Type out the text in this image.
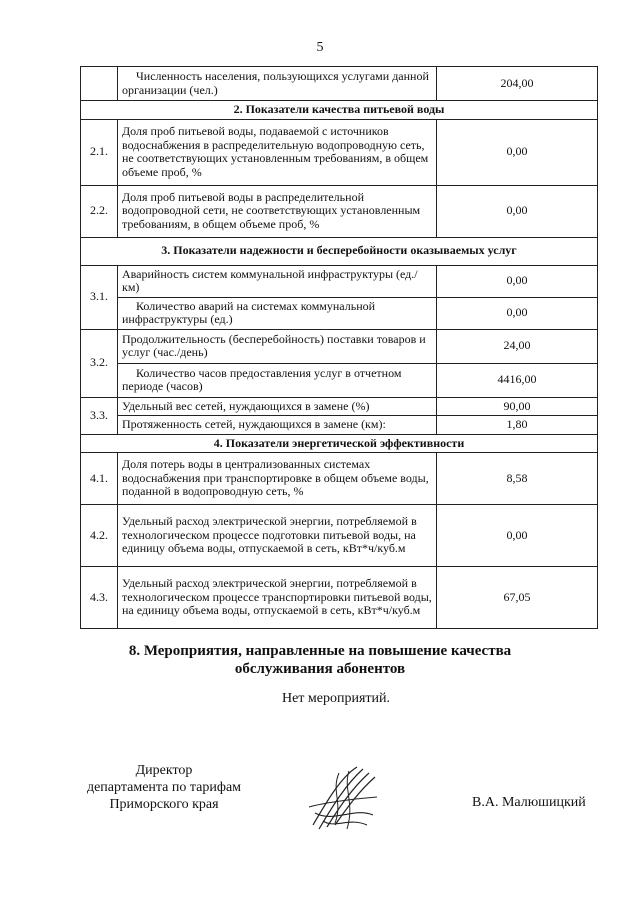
5
	Численность населения, пользующихся услугами данной организации (чел.)	204,00
2. Показатели качества питьевой воды		
2.1.	Доля проб питьевой воды, подаваемой с источников водоснабжения в распределительную водопроводную сеть, не соответствующих установленным требованиям, в общем объеме проб, %	0,00
2.2.	Доля проб питьевой воды в распределительной водопроводной сети, не соответствующих установленным требованиям, в общем объеме проб, %	0,00
3. Показатели надежности и бесперебойности оказываемых услуг		
3.1.	Аварийность систем коммунальной инфраструктуры (ед./км)	0,00
	Количество аварий на системах коммунальной инфраструктуры (ед.)	0,00
3.2.	Продолжительность (бесперебойность) поставки товаров и услуг (час./день)	24,00
	Количество часов предоставления услуг в отчетном периоде (часов)	4416,00
3.3.	Удельный вес сетей, нуждающихся в замене (%)	90,00
	Протяженность сетей, нуждающихся в замене (км):	1,80
4. Показатели энергетической эффективности		
4.1.	Доля потерь воды в централизованных системах водоснабжения при транспортировке в общем объеме воды, поданной в водопроводную сеть, %	8,58
4.2.	Удельный расход электрической энергии, потребляемой в технологическом процессе подготовки питьевой воды, на единицу объема воды, отпускаемой в сеть, кВт*ч/куб.м	0,00
4.3.	Удельный расход электрической энергии, потребляемой в технологическом процессе транспортировки питьевой воды, на единицу объема воды, отпускаемой в сеть, кВт*ч/куб.м	67,05
8. Мероприятия, направленные на повышение качества
обслуживания абонентов
Нет мероприятий.
Директор
департамента по тарифам
Приморского края	В.А. Малюшицкий
